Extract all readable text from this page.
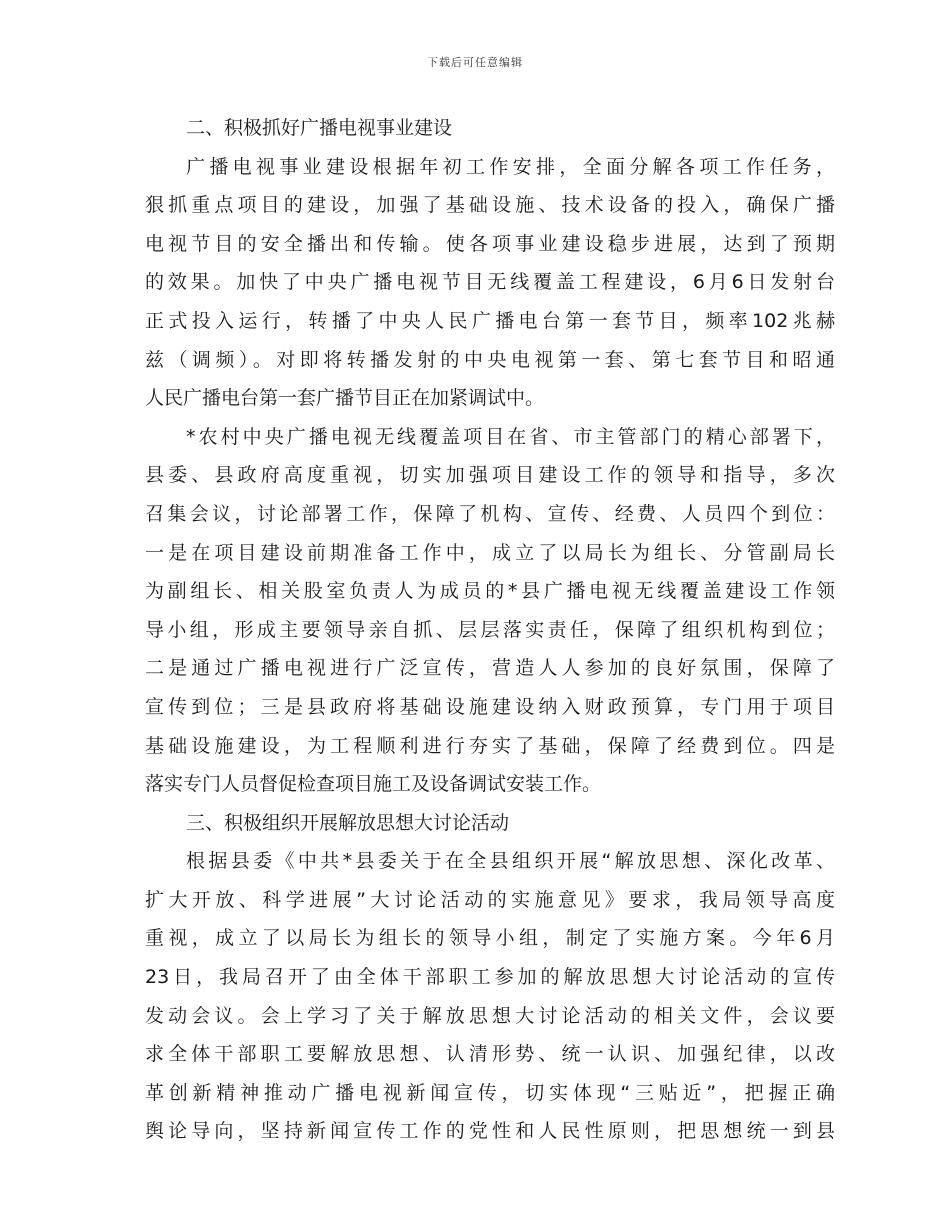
下载后可任意编辑
二、积极抓好广播电视事业建设
广播电视事业建设根据年初工作安排，全面分解各项工作任务，
狠抓重点项目的建设，加强了基础设施、技术设备的投入，确保广播
电视节目的安全播出和传输。使各项事业建设稳步进展，达到了预期
的效果。加快了中央广播电视节目无线覆盖工程建设，6月6日发射台
正式投入运行，转播了中央人民广播电台第一套节目，频率102兆赫
兹（调频）。对即将转播发射的中央电视第一套、第七套节目和昭通
人民广播电台第一套广播节目正在加紧调试中。
*农村中央广播电视无线覆盖项目在省、市主管部门的精心部署下，
县委、县政府高度重视，切实加强项目建设工作的领导和指导，多次
召集会议，讨论部署工作，保障了机构、宣传、经费、人员四个到位：
一是在项目建设前期准备工作中，成立了以局长为组长、分管副局长
为副组长、相关股室负责人为成员的*县广播电视无线覆盖建设工作领
导小组，形成主要领导亲自抓、层层落实责任，保障了组织机构到位；
二是通过广播电视进行广泛宣传，营造人人参加的良好氛围，保障了
宣传到位；三是县政府将基础设施建设纳入财政预算，专门用于项目
基础设施建设，为工程顺利进行夯实了基础，保障了经费到位。四是
落实专门人员督促检查项目施工及设备调试安装工作。
三、积极组织开展解放思想大讨论活动
根据县委《中共*县委关于在全县组织开展“解放思想、深化改革、
扩大开放、科学进展”大讨论活动的实施意见》要求，我局领导高度
重视，成立了以局长为组长的领导小组，制定了实施方案。今年6月
23日，我局召开了由全体干部职工参加的解放思想大讨论活动的宣传
发动会议。会上学习了关于解放思想大讨论活动的相关文件，会议要
求全体干部职工要解放思想、认清形势、统一认识、加强纪律，以改
革创新精神推动广播电视新闻宣传，切实体现“三贴近”，把握正确
舆论导向，坚持新闻宣传工作的党性和人民性原则，把思想统一到县
